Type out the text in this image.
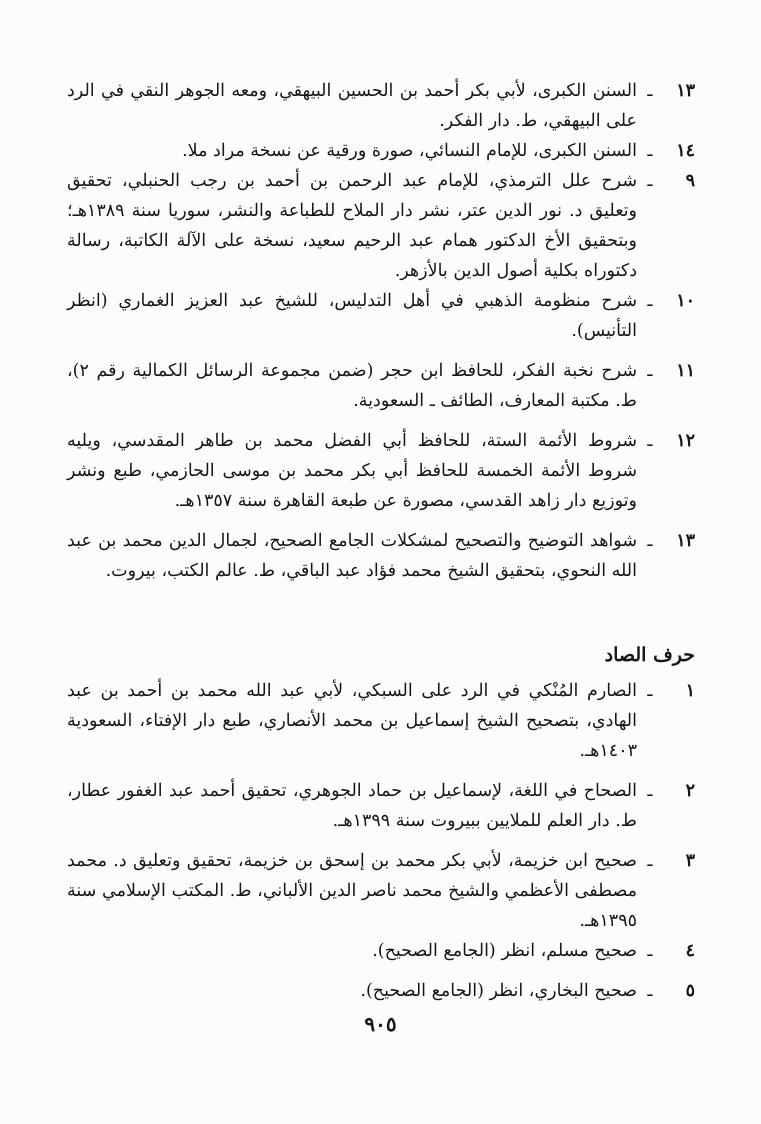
١٣
ـ
السنن الكبرى، لأبي بكر أحمد بن الحسين البيهقي، ومعه الجوهر النقي في الرد على البيهقي، ط. دار الفكر.

١٤
ـ
السنن الكبرى، للإمام النسائي، صورة ورقية عن نسخة مراد ملا.

٩
ـ
شرح علل الترمذي، للإمام عبد الرحمن بن أحمد بن رجب الحنبلي، تحقيق وتعليق د. نور الدين عتر، نشر دار الملاح للطباعة والنشر، سوريا سنة ١٣٨٩هـ؛ وبتحقيق الأخ الدكتور همام عبد الرحيم سعيد، نسخة على الآلة الكاتبة، رسالة دكتوراه بكلية أصول الدين بالأزهر.

١٠
ـ
شرح منظومة الذهبي في أهل التدليس، للشيخ عبد العزيز الغماري (انظر التأنيس).

١١
ـ
شرح نخبة الفكر، للحافظ ابن حجر (ضمن مجموعة الرسائل الكمالية رقم ٢)، ط. مكتبة المعارف، الطائف ـ السعودية.

١٢
ـ
شروط الأئمة الستة، للحافظ أبي الفضل محمد بن طاهر المقدسي، ويليه شروط الأئمة الخمسة للحافظ أبي بكر محمد بن موسى الحازمي، طبع ونشر وتوزيع دار زاهد القدسي، مصورة عن طبعة القاهرة سنة ١٣٥٧هـ.

١٣
ـ
شواهد التوضيح والتصحيح لمشكلات الجامع الصحيح، لجمال الدين محمد بن عبد الله النحوي، بتحقيق الشيخ محمد فؤاد عبد الباقي، ط. عالم الكتب، بيروت.

حرف الصاد

١
ـ
الصارم المُنْكي في الرد على السبكي، لأبي عبد الله محمد بن أحمد بن عبد الهادي، بتصحيح الشيخ إسماعيل بن محمد الأنصاري، طبع دار الإفتاء، السعودية ١٤٠٣هـ.

٢
ـ
الصحاح في اللغة، لإسماعيل بن حماد الجوهري، تحقيق أحمد عبد الغفور عطار، ط. دار العلم للملايين ببيروت سنة ١٣٩٩هـ.

٣
ـ
صحيح ابن خزيمة، لأبي بكر محمد بن إسحق بن خزيمة، تحقيق وتعليق د. محمد مصطفى الأعظمي والشيخ محمد ناصر الدين الألباني، ط. المكتب الإسلامي سنة ١٣٩٥هـ.

٤
ـ
صحيح مسلم، انظر (الجامع الصحيح).

٥
ـ
صحيح البخاري، انظر (الجامع الصحيح).

٩٠٥
